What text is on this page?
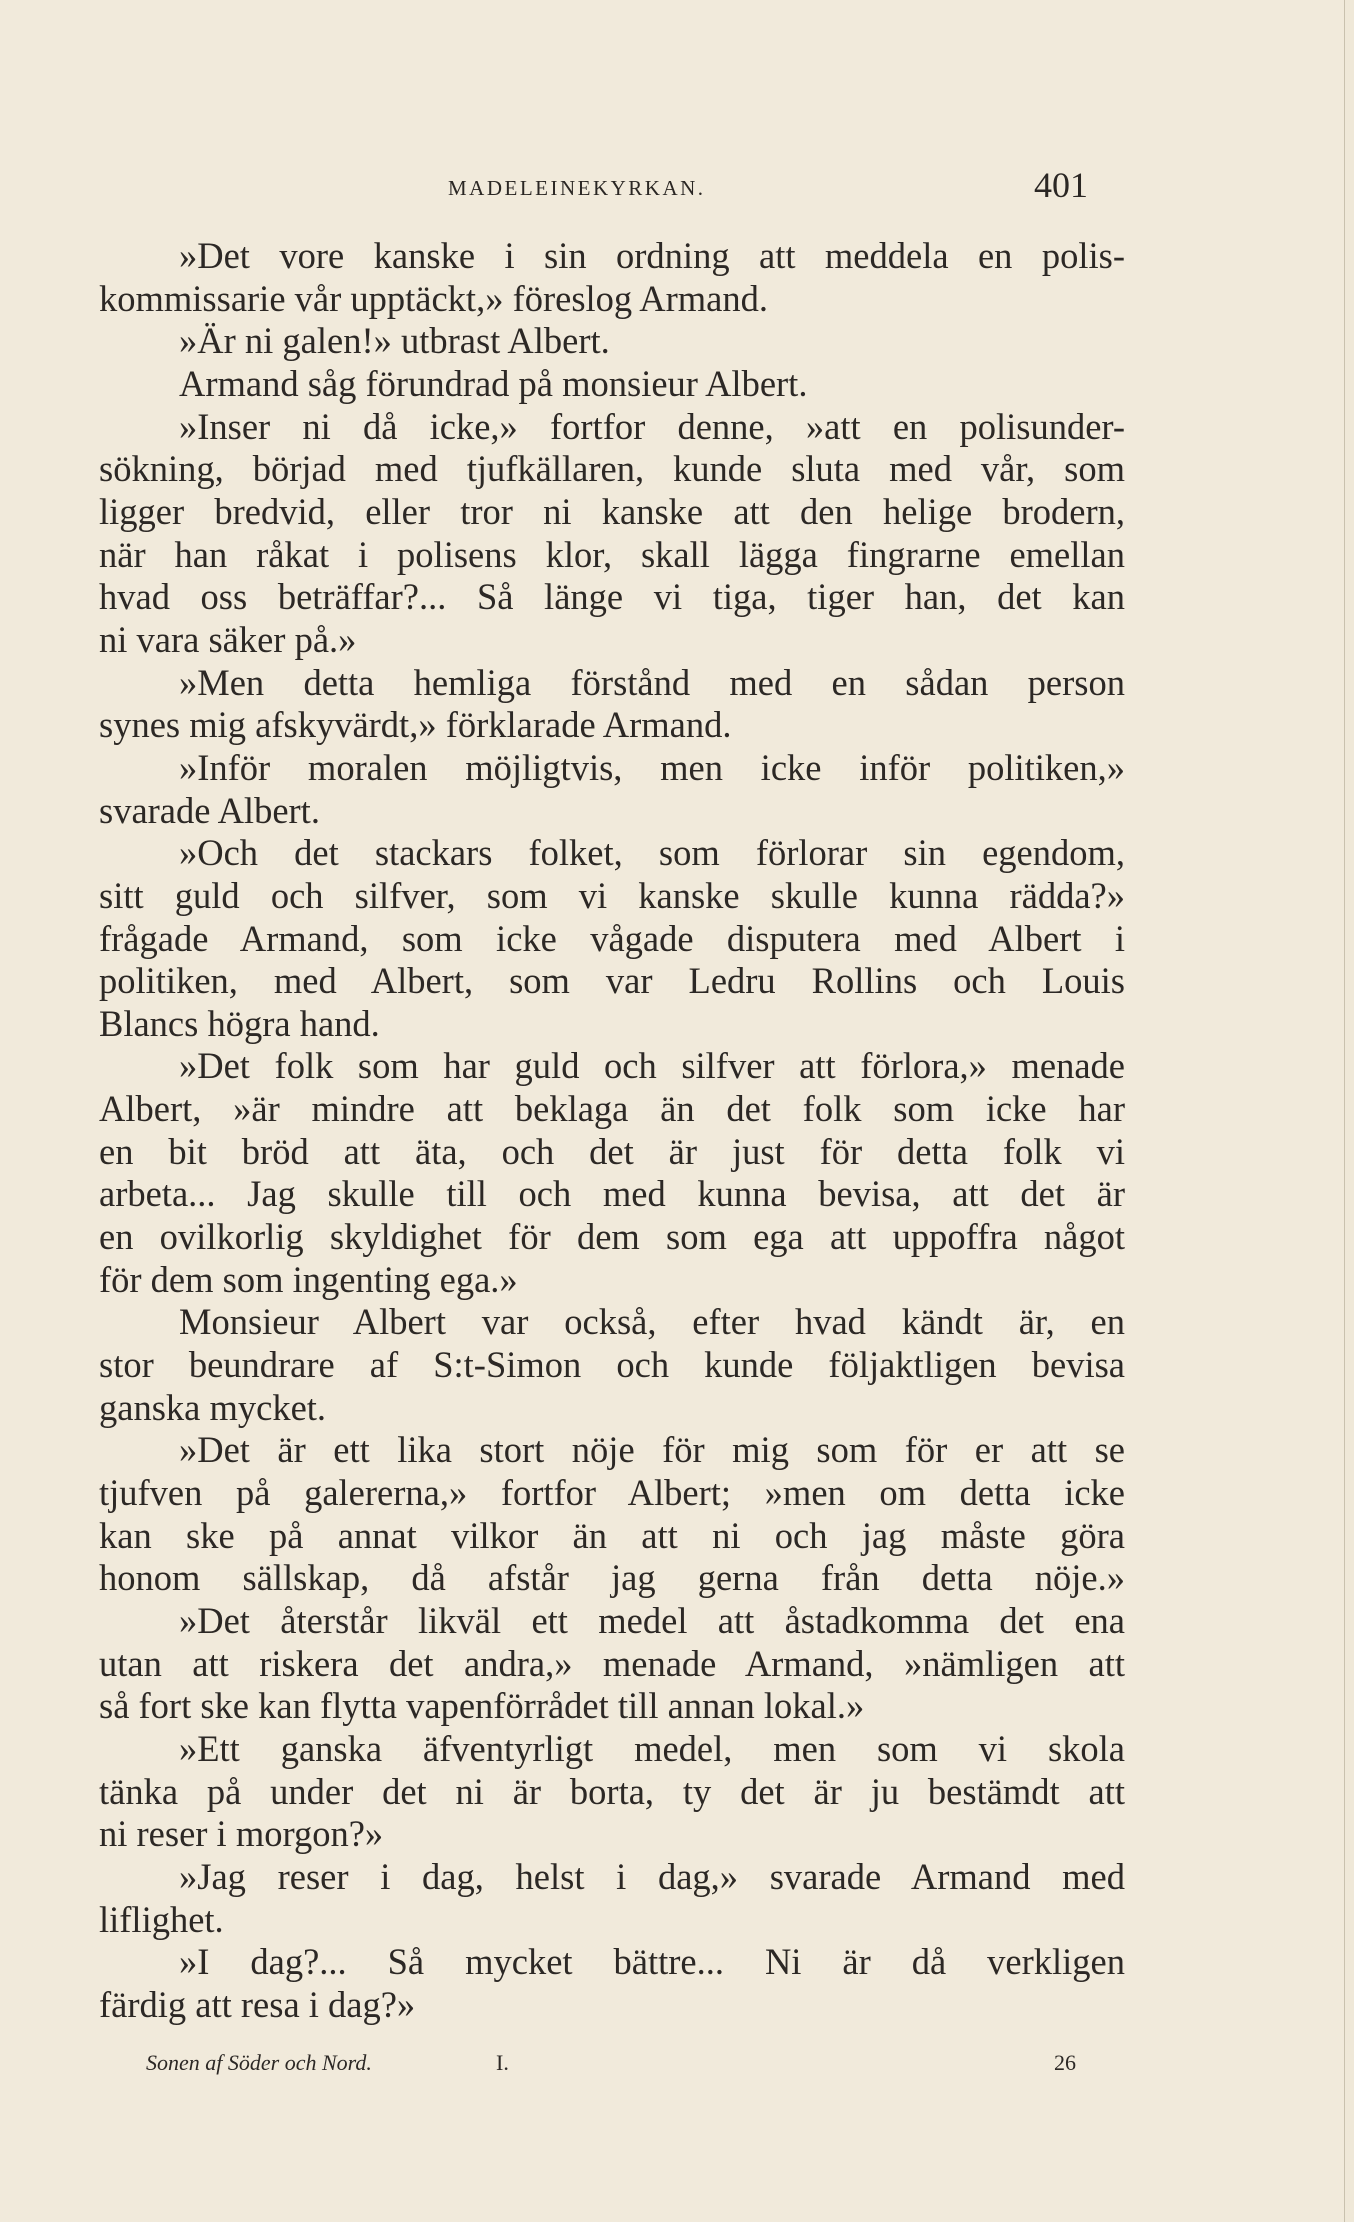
MADELEINEKYRKAN.	401
»Det vore kanske i sin ordning att meddela en polis-
kommissarie vår upptäckt,» föreslog Armand.
»Är ni galen!» utbrast Albert.
Armand såg förundrad på monsieur Albert.
»Inser ni då icke,» fortfor denne, »att en polisunder-
sökning, börjad med tjufkällaren, kunde sluta med vår, som
ligger bredvid, eller tror ni kanske att den helige brodern,
när han råkat i polisens klor, skall lägga fingrarne emellan
hvad oss beträffar?... Så länge vi tiga, tiger han, det kan
ni vara säker på.»
»Men detta hemliga förstånd med en sådan person
synes mig afskyvärdt,» förklarade Armand.
»Inför moralen möjligtvis, men icke inför politiken,»
svarade Albert.
»Och det stackars folket, som förlorar sin egendom,
sitt guld och silfver, som vi kanske skulle kunna rädda?»
frågade Armand, som icke vågade disputera med Albert i
politiken, med Albert, som var Ledru Rollins och Louis
Blancs högra hand.
»Det folk som har guld och silfver att förlora,» menade
Albert, »är mindre att beklaga än det folk som icke har
en bit bröd att äta, och det är just för detta folk vi
arbeta... Jag skulle till och med kunna bevisa, att det är
en ovilkorlig skyldighet för dem som ega att uppoffra något
för dem som ingenting ega.»
Monsieur Albert var också, efter hvad kändt är, en
stor beundrare af S:t-Simon och kunde följaktligen bevisa
ganska mycket.
»Det är ett lika stort nöje för mig som för er att se
tjufven på galererna,» fortfor Albert; »men om detta icke
kan ske på annat vilkor än att ni och jag måste göra
honom sällskap, då afstår jag gerna från detta nöje.»
»Det återstår likväl ett medel att åstadkomma det ena
utan att riskera det andra,» menade Armand, »nämligen att
så fort ske kan flytta vapenförrådet till annan lokal.»
»Ett ganska äfventyrligt medel, men som vi skola
tänka på under det ni är borta, ty det är ju bestämdt att
ni reser i morgon?»
»Jag reser i dag, helst i dag,» svarade Armand med
liflighet.
»I dag?... Så mycket bättre... Ni är då verkligen
färdig att resa i dag?»
Sonen af Söder och Nord.	I.	26
